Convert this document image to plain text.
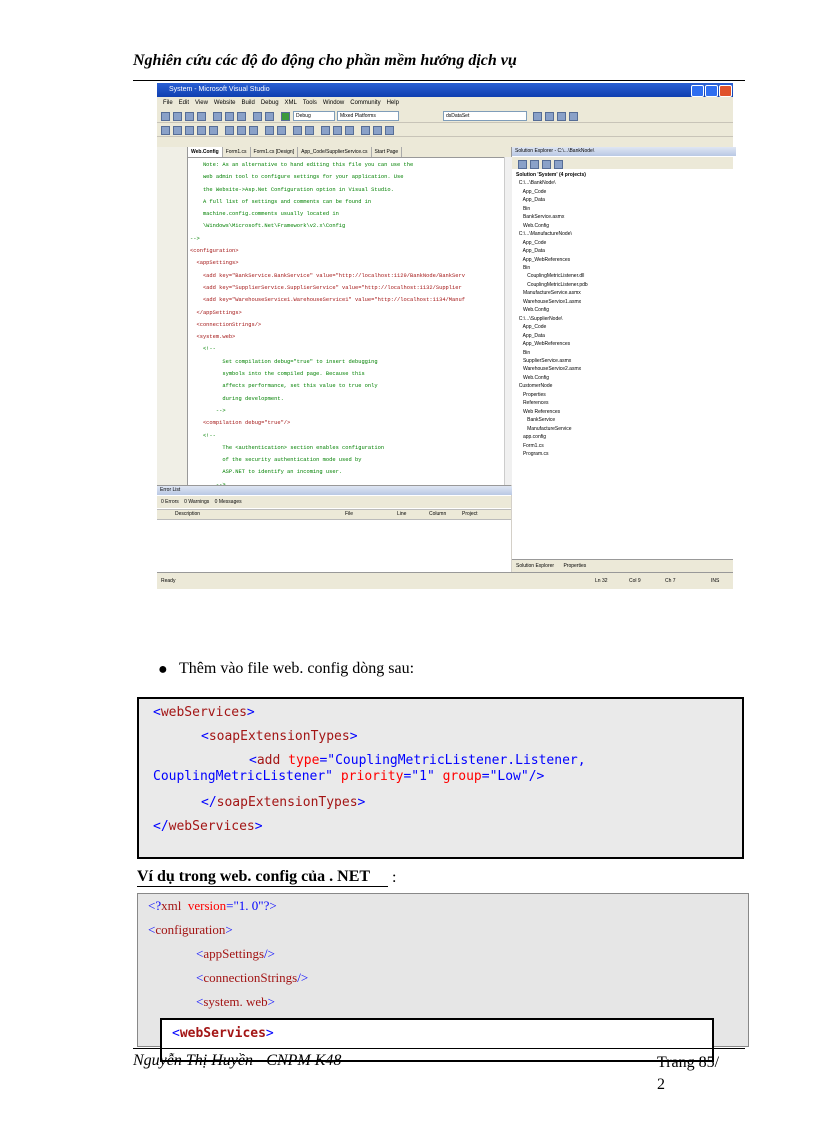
Nghiên cứu các độ đo động cho phần mềm hướng dịch vụ
System - Microsoft Visual Studio
File Edit View Website Build Debug XML Tools Window Community Help
Debug	Mixed Platforms	dsDataSet
Web.Config Form1.cs Form1.cs [Design] App_Code/SupplierService.cs Start Page
Note: As an alternative to hand editing this file you can use the
web admin tool to configure settings for your application. Use
the Website->Asp.Net Configuration option in Visual Studio.
A full list of settings and comments can be found in
machine.config.comments usually located in
\Windows\Microsoft.Net\Framework\v2.x\Config
-->
<configuration>
<appSettings>
<add key="BankService.BankService" value="http://localhost:1129/BankNode/BankServ
<add key="SupplierService.SupplierService" value="http://localhost:1132/Supplier
<add key="WarehouseService1.WarehouseService1" value="http://localhost:1134/Manuf
</appSettings>
<connectionStrings/>
<system.web>
<!--
Set compilation debug="true" to insert debugging
symbols into the compiled page. Because this
affects performance, set this value to true only
during development.
-->
<compilation debug="true"/>
<!--
The <authentication> section enables configuration
of the security authentication mode used by
ASP.NET to identify an incoming user.
Error List
0 Errors 0 Warnings 0 Messages
Description	File	Line	Column	Project
Solution Explorer - C:\...\BankNode\
Solution 'System' (4 projects)
C:\...\BankNode\
App_Code
App_Data
Bin
BankService.asmx
Web.Config
C:\...\ManufactureNode\
App_Code
App_Data
App_WebReferences
Bin
CouplingMetricListener.dll
CouplingMetricListener.pdb
ManufactureService.asmx
WarehouseService1.asmx
Web.Config
C:\...\SupplierNode\
App_Code
App_Data
App_WebReferences
Bin
SupplierService.asmx
WarehouseService2.asmx
Web.Config
CustomerNode
Properties
References
Web References
BankService
ManufactureService
app.config
Form1.cs
Program.cs
Solution Explorer Properties
Ready	Ln 32	Col 9	Ch 7	INS
● Thêm vào file web. config dòng sau:
<webServices>
<soapExtensionTypes>
<add type="CouplingMetricListener.Listener,
CouplingMetricListener" priority="1" group="Low"/>
</soapExtensionTypes>
</webServices>
Ví dụ trong web. config của . NET :
<?xml  version="1. 0"?>
<configuration>
<appSettings/>
<connectionStrings/>
<system. web>
<webServices>
Nguyễn Thị Huyền - CNPM K48	Trang 85/
2
